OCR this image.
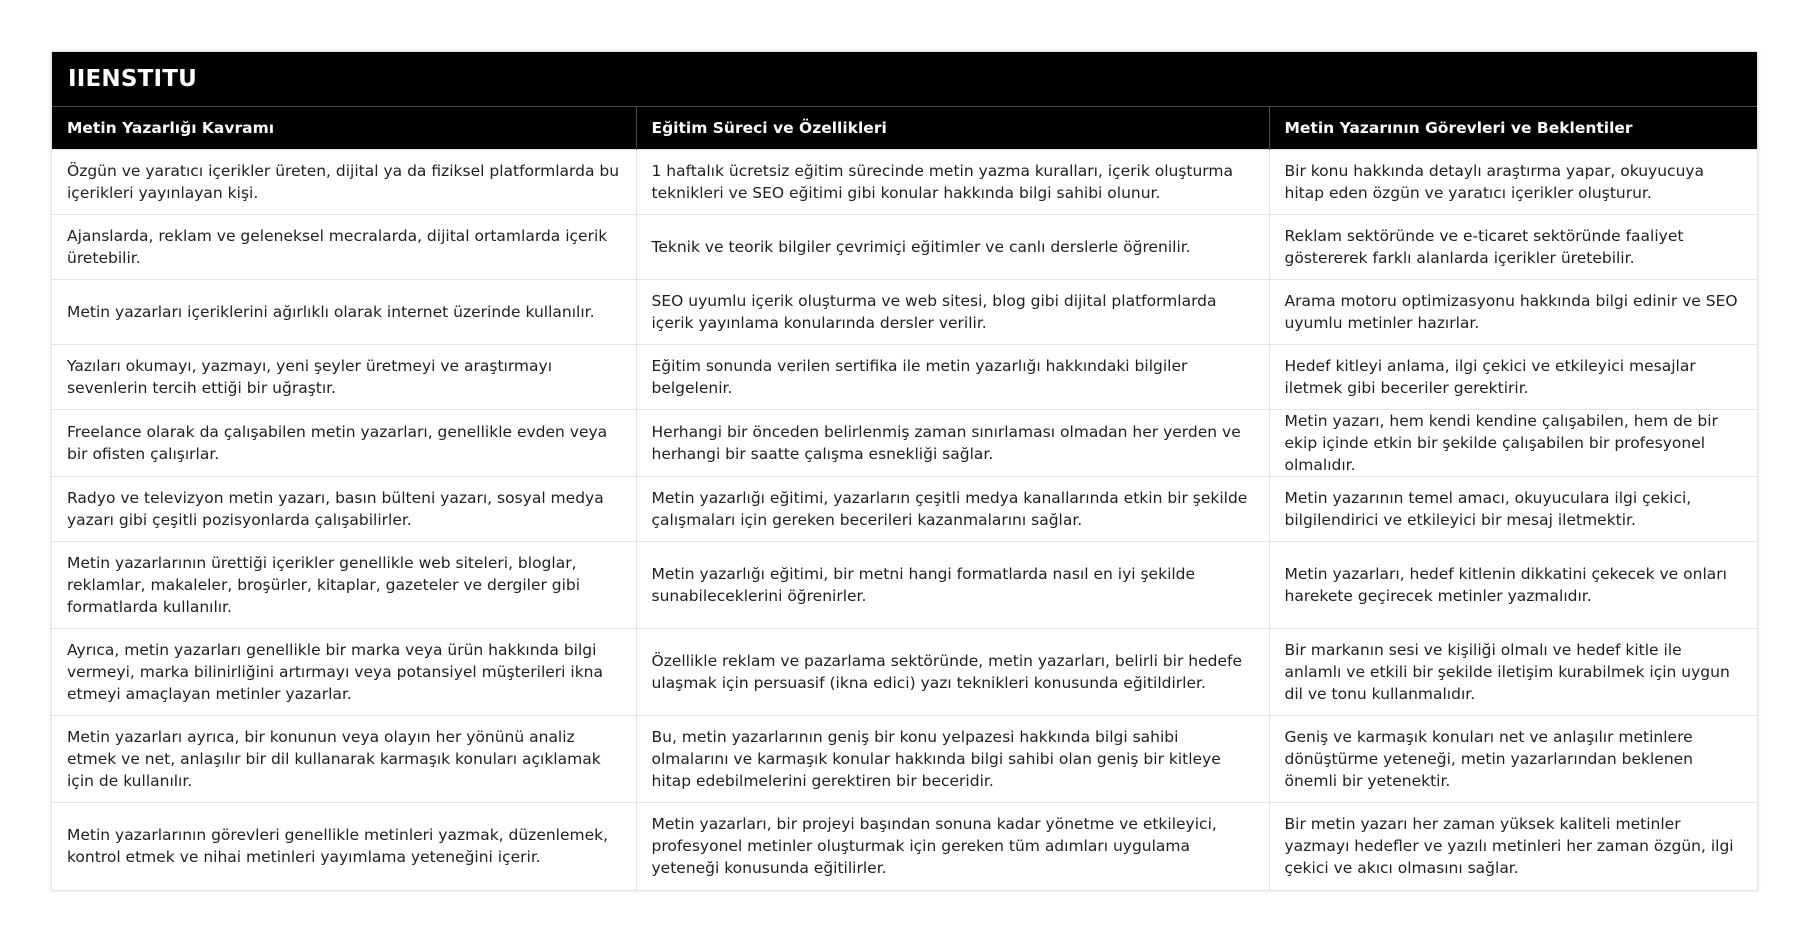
IIENSTITU
Metin Yazarlığı Kavramı	Eğitim Süreci ve Özellikleri	Metin Yazarının Görevleri ve Beklentiler
Özgün ve yaratıcı içerikler üreten, dijital ya da fiziksel platformlarda bu içerikleri yayınlayan kişi.	1 haftalık ücretsiz eğitim sürecinde metin yazma kuralları, içerik oluşturma teknikleri ve SEO eğitimi gibi konular hakkında bilgi sahibi olunur.	Bir konu hakkında detaylı araştırma yapar, okuyucuya hitap eden özgün ve yaratıcı içerikler oluşturur.
Ajanslarda, reklam ve geleneksel mecralarda, dijital ortamlarda içerik üretebilir.	Teknik ve teorik bilgiler çevrimiçi eğitimler ve canlı derslerle öğrenilir.	Reklam sektöründe ve e-ticaret sektöründe faaliyet göstererek farklı alanlarda içerikler üretebilir.
Metin yazarları içeriklerini ağırlıklı olarak internet üzerinde kullanılır.	SEO uyumlu içerik oluşturma ve web sitesi, blog gibi dijital platformlarda içerik yayınlama konularında dersler verilir.	Arama motoru optimizasyonu hakkında bilgi edinir ve SEO uyumlu metinler hazırlar.
Yazıları okumayı, yazmayı, yeni şeyler üretmeyi ve araştırmayı sevenlerin tercih ettiği bir uğraştır.	Eğitim sonunda verilen sertifika ile metin yazarlığı hakkındaki bilgiler belgelenir.	Hedef kitleyi anlama, ilgi çekici ve etkileyici mesajlar iletmek gibi beceriler gerektirir.
Freelance olarak da çalışabilen metin yazarları, genellikle evden veya bir ofisten çalışırlar.	Herhangi bir önceden belirlenmiş zaman sınırlaması olmadan her yerden ve herhangi bir saatte çalışma esnekliği sağlar.	Metin yazarı, hem kendi kendine çalışabilen, hem de bir ekip içinde etkin bir şekilde çalışabilen bir profesyonel olmalıdır.
Radyo ve televizyon metin yazarı, basın bülteni yazarı, sosyal medya yazarı gibi çeşitli pozisyonlarda çalışabilirler.	Metin yazarlığı eğitimi, yazarların çeşitli medya kanallarında etkin bir şekilde çalışmaları için gereken becerileri kazanmalarını sağlar.	Metin yazarının temel amacı, okuyuculara ilgi çekici, bilgilendirici ve etkileyici bir mesaj iletmektir.
Metin yazarlarının ürettiği içerikler genellikle web siteleri, bloglar, reklamlar, makaleler, broşürler, kitaplar, gazeteler ve dergiler gibi formatlarda kullanılır.	Metin yazarlığı eğitimi, bir metni hangi formatlarda nasıl en iyi şekilde sunabileceklerini öğrenirler.	Metin yazarları, hedef kitlenin dikkatini çekecek ve onları harekete geçirecek metinler yazmalıdır.
Ayrıca, metin yazarları genellikle bir marka veya ürün hakkında bilgi vermeyi, marka bilinirliğini artırmayı veya potansiyel müşterileri ikna etmeyi amaçlayan metinler yazarlar.	Özellikle reklam ve pazarlama sektöründe, metin yazarları, belirli bir hedefe ulaşmak için persuasif (ikna edici) yazı teknikleri konusunda eğitildirler.	Bir markanın sesi ve kişiliği olmalı ve hedef kitle ile anlamlı ve etkili bir şekilde iletişim kurabilmek için uygun dil ve tonu kullanmalıdır.
Metin yazarları ayrıca, bir konunun veya olayın her yönünü analiz etmek ve net, anlaşılır bir dil kullanarak karmaşık konuları açıklamak için de kullanılır.	Bu, metin yazarlarının geniş bir konu yelpazesi hakkında bilgi sahibi olmalarını ve karmaşık konular hakkında bilgi sahibi olan geniş bir kitleye hitap edebilmelerini gerektiren bir beceridir.	Geniş ve karmaşık konuları net ve anlaşılır metinlere dönüştürme yeteneği, metin yazarlarından beklenen önemli bir yetenektir.
Metin yazarlarının görevleri genellikle metinleri yazmak, düzenlemek, kontrol etmek ve nihai metinleri yayımlama yeteneğini içerir.	Metin yazarları, bir projeyi başından sonuna kadar yönetme ve etkileyici, profesyonel metinler oluşturmak için gereken tüm adımları uygulama yeteneği konusunda eğitilirler.	Bir metin yazarı her zaman yüksek kaliteli metinler yazmayı hedefler ve yazılı metinleri her zaman özgün, ilgi çekici ve akıcı olmasını sağlar.
